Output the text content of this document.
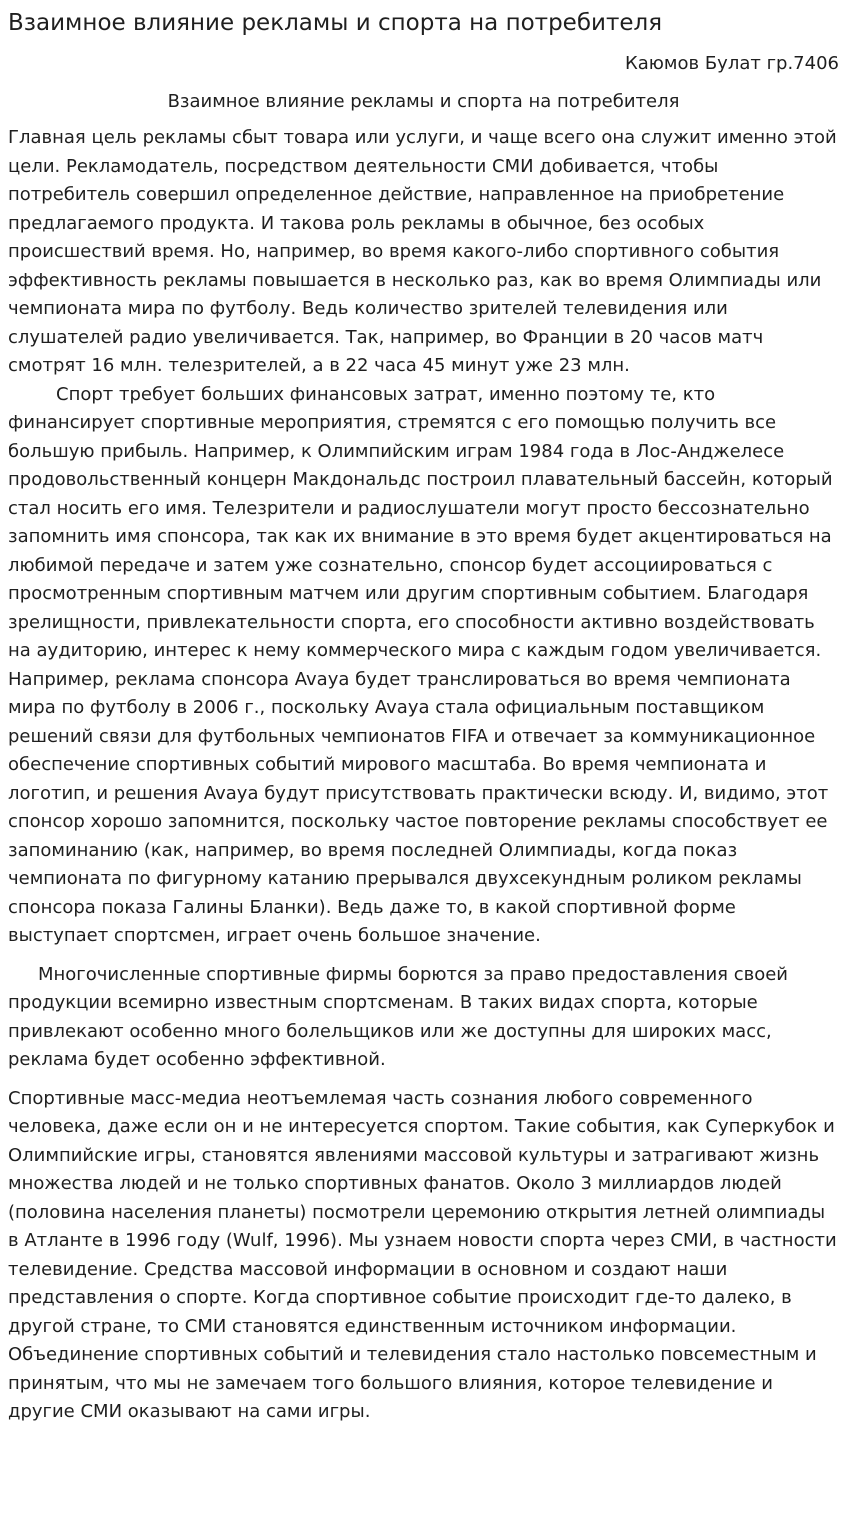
Взаимное влияние рекламы и спорта на потребителя
Каюмов Булат гр.7406
Взаимное влияние рекламы и спорта на потребителя

Главная цель рекламы сбыт товара или услуги, и чаще всего она служит именно этой цели. Рекламодатель, посредством деятельности СМИ добивается, чтобы потребитель совершил определенное действие, направленное на приобретение предлагаемого продукта. И такова роль рекламы в обычное, без особых происшествий время. Но, например, во время какого-либо спортивного события эффективность рекламы повышается в несколько раз, как во время Олимпиады или чемпионата мира по футболу. Ведь количество зрителей телевидения или слушателей радио увеличивается. Так, например, во Франции в 20 часов матч смотрят 16 млн. телезрителей, а в 22 часа 45 минут уже 23 млн.

Спорт требует больших финансовых затрат, именно поэтому те, кто финансирует спортивные мероприятия, стремятся с его помощью получить все большую прибыль. Например, к Олимпийским играм 1984 года в Лос-Анджелесе продовольственный концерн Макдональдс построил плавательный бассейн, который стал носить его имя. Телезрители и радиослушатели могут просто бессознательно запомнить имя спонсора, так как их внимание в это время будет акцентироваться на любимой передаче и затем уже сознательно, спонсор будет ассоциироваться с просмотренным спортивным матчем или другим спортивным событием. Благодаря зрелищности, привлекательности спорта, его способности активно воздействовать на аудиторию, интерес к нему коммерческого мира с каждым годом увеличивается. Например, реклама спонсора Avaya будет транслироваться во время чемпионата мира по футболу в 2006 г., поскольку Avaya стала официальным поставщиком решений связи для футбольных чемпионатов FIFA и отвечает за коммуникационное обеспечение спортивных событий мирового масштаба. Во время чемпионата и логотип, и решения Avaya будут присутствовать практически всюду. И, видимо, этот спонсор хорошо запомнится, поскольку частое повторение рекламы способствует ее запоминанию (как, например, во время последней Олимпиады, когда показ чемпионата по фигурному катанию прерывался двухсекундным роликом рекламы спонсора показа Галины Бланки). Ведь даже то, в какой спортивной форме выступает спортсмен, играет очень большое значение.

Многочисленные спортивные фирмы борются за право предоставления своей продукции всемирно известным спортсменам. В таких видах спорта, которые привлекают особенно много болельщиков или же доступны для широких масс, реклама будет особенно эффективной.

Спортивные масс-медиа неотъемлемая часть сознания любого современного человека, даже если он и не интересуется спортом. Такие события, как Суперкубок и Олимпийские игры, становятся явлениями массовой культуры и затрагивают жизнь множества людей и не только спортивных фанатов. Около 3 миллиардов людей (половина населения планеты) посмотрели церемонию открытия летней олимпиады в Атланте в 1996 году (Wulf, 1996). Мы узнаем новости спорта через СМИ, в частности телевидение. Средства массовой информации в основном и создают наши представления о спорте. Когда спортивное событие происходит где-то далеко, в другой стране, то СМИ становятся единственным источником информации. Объединение спортивных событий и телевидения стало настолько повсеместным и принятым, что мы не замечаем того большого влияния, которое телевидение и другие СМИ оказывают на сами игры.
